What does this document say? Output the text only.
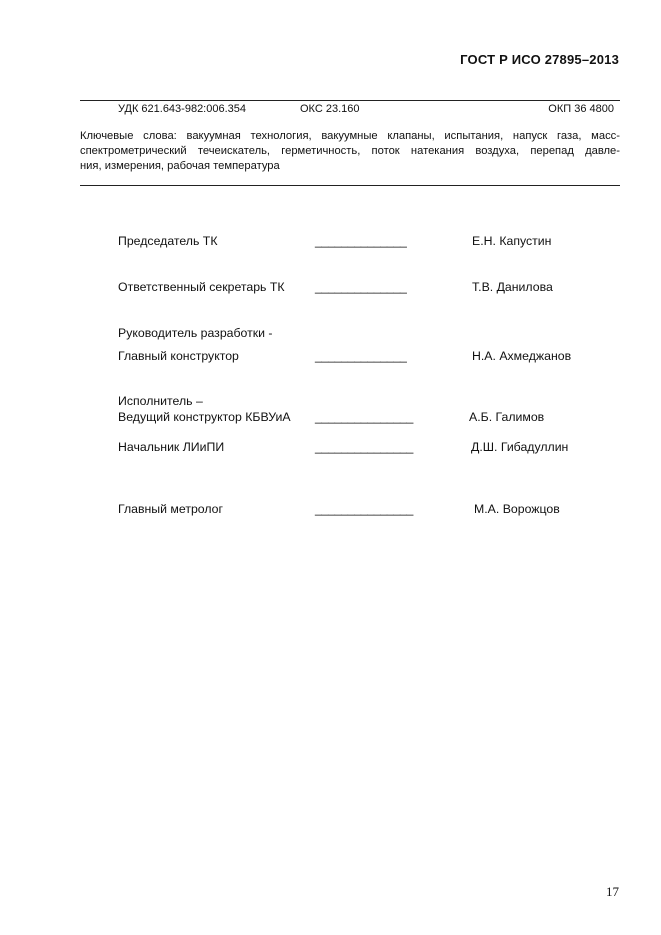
ГОСТ Р ИСО 27895–2013
УДК 621.643-982:006.354	ОКС 23.160	ОКП 36 4800

Ключевые слова: вакуумная технология, вакуумные клапаны, испытания, напуск газа, масс-

спектрометрический течеискатель, герметичность, поток натекания воздуха, перепад давле-

ния, измерения, рабочая температура

Председатель ТК	______________	Е.Н. Капустин
Ответственный секретарь ТК ______________	Т.В. Данилова
Руководитель разработки -
Главный конструктор	______________	Н.А. Ахмеджанов
Исполнитель –
Ведущий конструктор КБВУиА _______________	А.Б. Галимов
Начальник ЛИиПИ	_______________	Д.Ш. Гибадуллин
Главный метролог	_______________	М.А. Ворожцов
17
